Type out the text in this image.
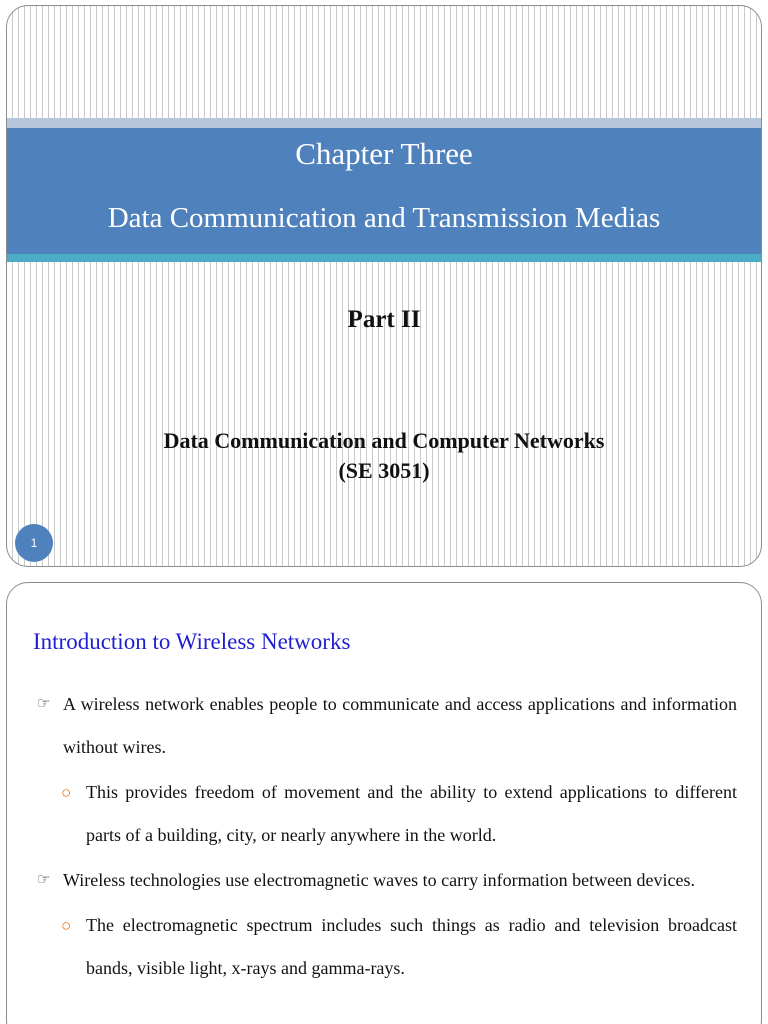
Chapter Three
Data Communication and Transmission Medias
Part II
Data Communication and Computer Networks
(SE 3051)
1
Introduction to Wireless Networks
☞ A wireless network enables people to communicate and access applications and information without wires.
○ This provides freedom of movement and the ability to extend applications to different parts of a building, city, or nearly anywhere in the world.
☞ Wireless technologies use electromagnetic waves to carry information between devices.
○ The electromagnetic spectrum includes such things as radio and television broadcast bands, visible light, x-rays and gamma-rays.
